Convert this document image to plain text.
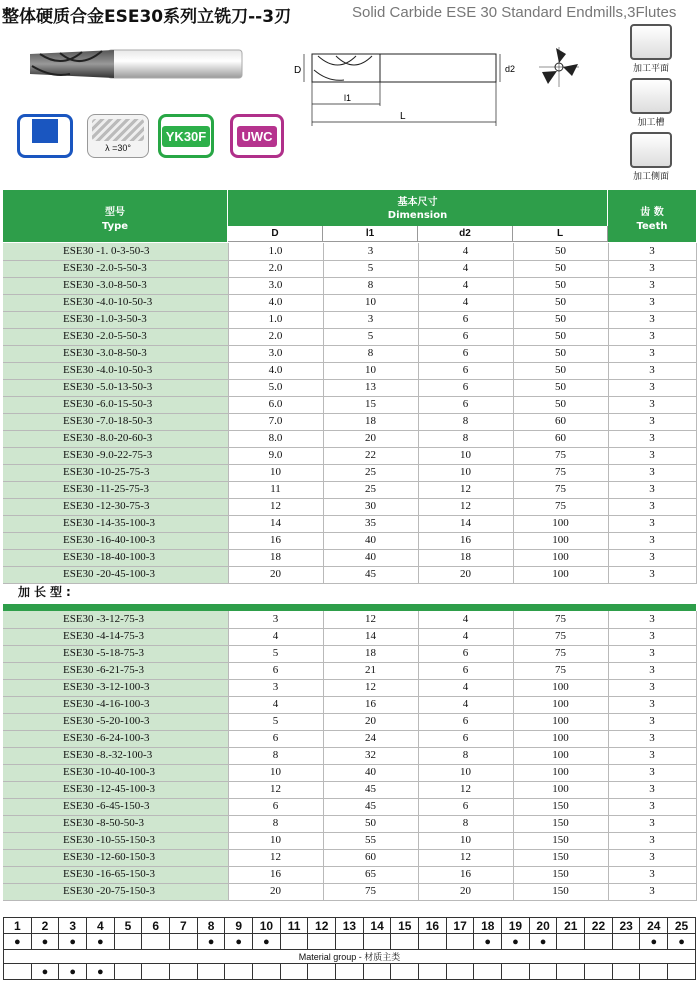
整体硬质合金ESE30系列立铣刀--3刃	Solid Carbide ESE 30 Standard Endmills,3Flutes
D
l1
L
d2	加工平面
加工槽
加工侧面
λ =30°
YK30F	UWC
型号
Type
基本尺寸
Dimension
D	l1	d2	L
齿 数
Teeth
ESE30 -1. 0-3-50-3	1.0	3	4	50	3
ESE30 -2.0-5-50-3	2.0	5	4	50	3
ESE30 -3.0-8-50-3	3.0	8	4	50	3
ESE30 -4.0-10-50-3	4.0	10	4	50	3
ESE30 -1.0-3-50-3	1.0	3	6	50	3
ESE30 -2.0-5-50-3	2.0	5	6	50	3
ESE30 -3.0-8-50-3	3.0	8	6	50	3
ESE30 -4.0-10-50-3	4.0	10	6	50	3
ESE30 -5.0-13-50-3	5.0	13	6	50	3
ESE30 -6.0-15-50-3	6.0	15	6	50	3
ESE30 -7.0-18-50-3	7.0	18	8	60	3
ESE30 -8.0-20-60-3	8.0	20	8	60	3
ESE30 -9.0-22-75-3	9.0	22	10	75	3
ESE30 -10-25-75-3	10	25	10	75	3
ESE30 -11-25-75-3	11	25	12	75	3
ESE30 -12-30-75-3	12	30	12	75	3
ESE30 -14-35-100-3	14	35	14	100	3
ESE30 -16-40-100-3	16	40	16	100	3
ESE30 -18-40-100-3	18	40	18	100	3
ESE30 -20-45-100-3	20	45	20	100	3
加长型:
ESE30 -3-12-75-3	3	12	4	75	3
ESE30 -4-14-75-3	4	14	4	75	3
ESE30 -5-18-75-3	5	18	6	75	3
ESE30 -6-21-75-3	6	21	6	75	3
ESE30 -3-12-100-3	3	12	4	100	3
ESE30 -4-16-100-3	4	16	4	100	3
ESE30 -5-20-100-3	5	20	6	100	3
ESE30 -6-24-100-3	6	24	6	100	3
ESE30 -8.-32-100-3	8	32	8	100	3
ESE30 -10-40-100-3	10	40	10	100	3
ESE30 -12-45-100-3	12	45	12	100	3
ESE30 -6-45-150-3	6	45	6	150	3
ESE30 -8-50-50-3	8	50	8	150	3
ESE30 -10-55-150-3	10	55	10	150	3
ESE30 -12-60-150-3	12	60	12	150	3
ESE30 -16-65-150-3	16	65	16	150	3
ESE30 -20-75-150-3	20	75	20	150	3
1	2	3	4	5	6	7	8	9	10	11	12	13	14	15	16	17	18	19	20	21	22	23	24	25
●	●	●	●				●	●	●								●	●	●				●	●
Material group - 材质主类																								
	●	●	●																					
